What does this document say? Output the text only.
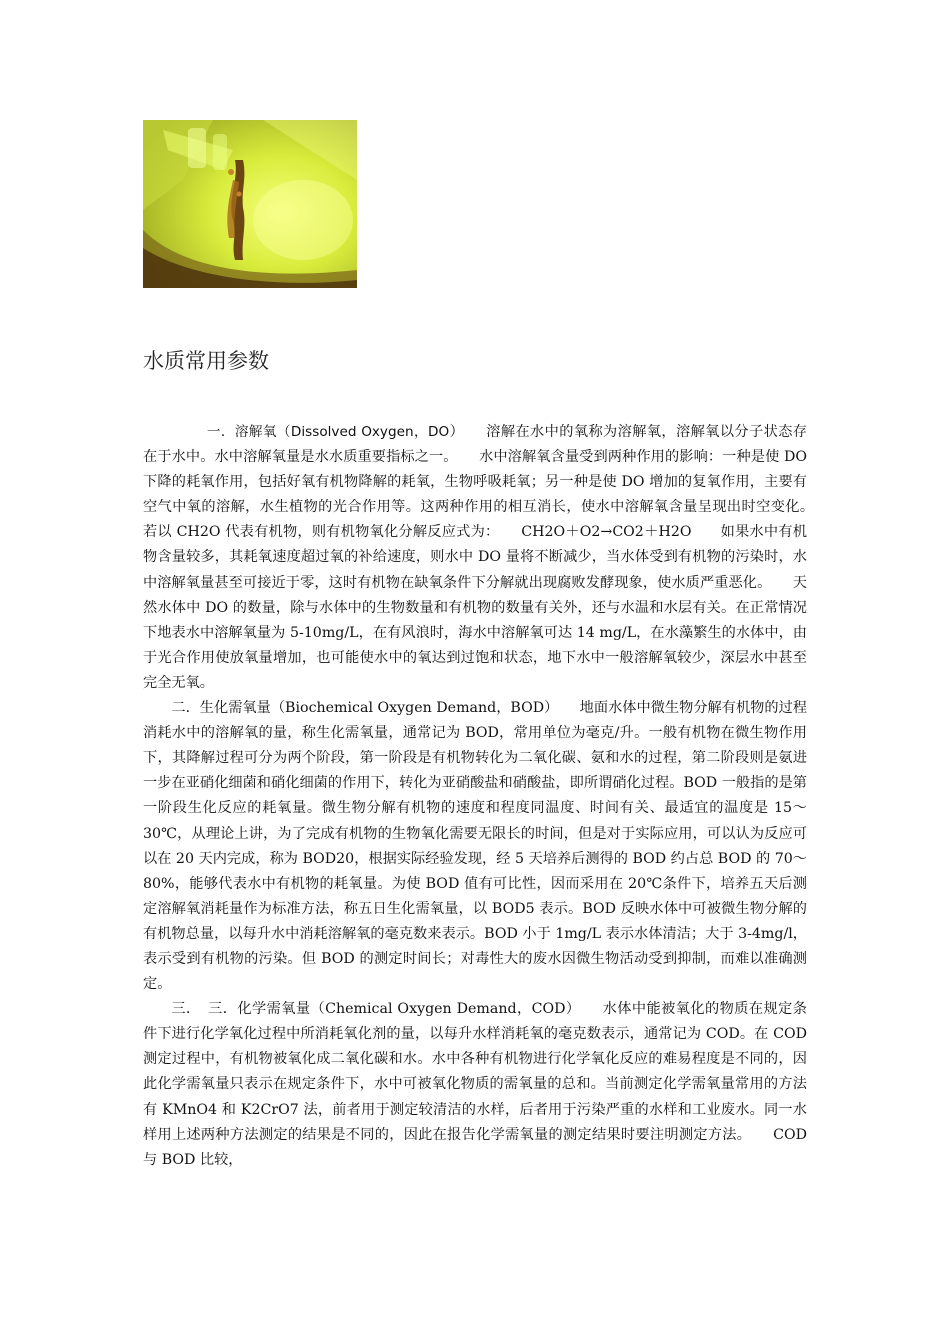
水质常用参数

一．溶解氧（Dissolved Oxygen，DO）　　溶解在水中的氧称为溶解氧，溶解氧以分子状态存在于水中。水中溶解氧量是水水质重要指标之一。　　水中溶解氧含量受到两种作用的影响：一种是使 DO 下降的耗氧作用，包括好氧有机物降解的耗氧，生物呼吸耗氧；另一种是使 DO 增加的复氧作用，主要有空气中氧的溶解，水生植物的光合作用等。这两种作用的相互消长，使水中溶解氧含量呈现出时空变化。　　若以 CH2O 代表有机物，则有机物氧化分解反应式为：　　CH2O＋O2→CO2＋H2O　　如果水中有机物含量较多，其耗氧速度超过氧的补给速度，则水中 DO 量将不断减少，当水体受到有机物的污染时，水中溶解氧量甚至可接近于零，这时有机物在缺氧条件下分解就出现腐败发酵现象，使水质严重恶化。　　天然水体中 DO 的数量，除与水体中的生物数量和有机物的数量有关外，还与水温和水层有关。在正常情况下地表水中溶解氧量为 5-10mg/L，在有风浪时，海水中溶解氧可达 14 mg/L，在水藻繁生的水体中，由于光合作用使放氧量增加，也可能使水中的氧达到过饱和状态，地下水中一般溶解氧较少，深层水中甚至完全无氧。

二．生化需氧量（Biochemical Oxygen Demand，BOD）　　地面水体中微生物分解有机物的过程消耗水中的溶解氧的量，称生化需氧量，通常记为 BOD，常用单位为毫克/升。一般有机物在微生物作用下，其降解过程可分为两个阶段，第一阶段是有机物转化为二氧化碳、氨和水的过程，第二阶段则是氨进一步在亚硝化细菌和硝化细菌的作用下，转化为亚硝酸盐和硝酸盐，即所谓硝化过程。BOD 一般指的是第一阶段生化反应的耗氧量。微生物分解有机物的速度和程度同温度、时间有关、最适宜的温度是 15～30℃，从理论上讲，为了完成有机物的生物氧化需要无限长的时间，但是对于实际应用，可以认为反应可以在 20 天内完成，称为 BOD20，根据实际经验发现，经 5 天培养后测得的 BOD 约占总 BOD 的 70～80%，能够代表水中有机物的耗氧量。为使 BOD 值有可比性，因而采用在 20℃条件下，培养五天后测定溶解氧消耗量作为标准方法，称五日生化需氧量，以 BOD5 表示。BOD 反映水体中可被微生物分解的有机物总量，以每升水中消耗溶解氧的毫克数来表示。BOD 小于 1mg/L 表示水体清洁；大于 3-4mg/l，表示受到有机物的污染。但 BOD 的测定时间长；对毒性大的废水因微生物活动受到抑制，而难以准确测定。

三．　三．化学需氧量（Chemical Oxygen Demand，COD）　　水体中能被氧化的物质在规定条件下进行化学氧化过程中所消耗氧化剂的量，以每升水样消耗氧的毫克数表示，通常记为 COD。在 COD 测定过程中，有机物被氧化成二氧化碳和水。水中各种有机物进行化学氧化反应的难易程度是不同的，因此化学需氧量只表示在规定条件下，水中可被氧化物质的需氧量的总和。当前测定化学需氧量常用的方法有 KMnO4 和 K2CrO7 法，前者用于测定较清洁的水样，后者用于污染严重的水样和工业废水。同一水样用上述两种方法测定的结果是不同的，因此在报告化学需氧量的测定结果时要注明测定方法。　　COD 与 BOD 比较，
